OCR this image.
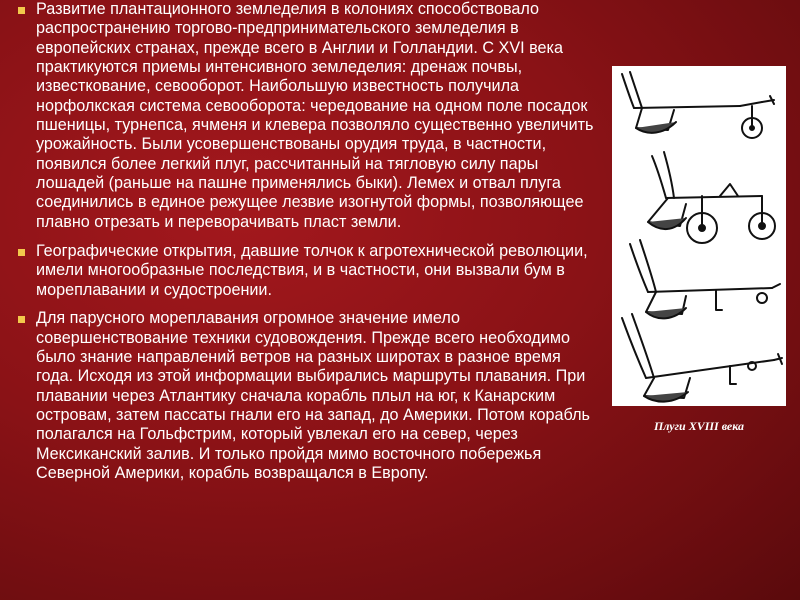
Развитие плантационного земледелия в колониях способствовало распространению торгово-предпринимательского земледелия в европейских странах, прежде всего в Англии и Голландии. С XVI века практикуются приемы интенсивного земледелия: дренаж почвы, известкование, севооборот. Наибольшую известность получила норфолкская система севооборота: чередование на одном поле посадок пшеницы, турнепса, ячменя и клевера позволяло существенно увеличить урожайность. Были усовершенствованы орудия труда, в частности, появился более легкий плуг, рассчитанный на тягловую силу пары лошадей (раньше на пашне применялись быки). Лемех и отвал плуга соединились в единое режущее лезвие изогнутой формы, позволяющее плавно отрезать и переворачивать пласт земли.

Географические открытия, давшие толчок к агротехнической революции, имели многообразные последствия, и в частности, они вызвали бум в мореплавании и судостроении.

Для парусного мореплавания огромное значение имело совершенствование техники судовождения. Прежде всего необходимо было знание направлений ветров на разных широтах в разное время года. Исходя из этой информации выбирались маршруты плавания. При плавании через Атлантику сначала корабль плыл на юг, к Канарским островам, затем пассаты гнали его на запад, до Америки. Потом корабль полагался на Гольфстрим, который увлекал его на север, через Мексиканский залив. И только пройдя мимо восточного побережья Северной Америки, корабль возвращался в Европу.

Плуги XVIII века
